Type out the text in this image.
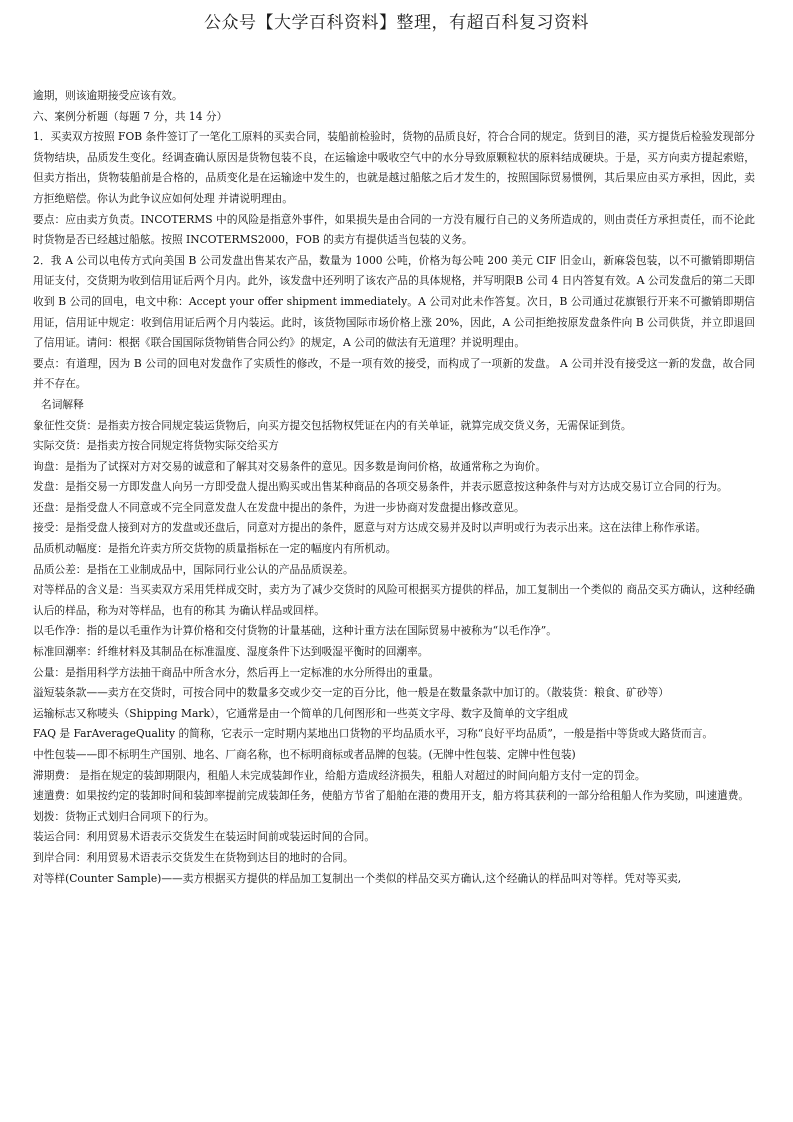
公众号【大学百科资料】整理，有超百科复习资料

逾期，则该逾期接受应该有效。

六、案例分析题（每题 7 分，共 14 分）

1．买卖双方按照 FOB 条件签订了一笔化工原料的买卖合同，装船前检验时，货物的品质良好，符合合同的规定。货到目的港，买方提货后检验发现部分货物结块，品质发生变化。经调查确认原因是货物包装不良，在运输途中吸收空气中的水分导致原颗粒状的原料结成硬块。于是，买方向卖方提起索赔，但卖方指出，货物装船前是合格的，品质变化是在运输途中发生的，也就是越过船舷之后才发生的，按照国际贸易惯例，其后果应由买方承担，因此，卖方拒绝赔偿。你认为此争议应如何处理 并请说明理由。

要点：应由卖方负责。INCOTERMS 中的风险是指意外事件，如果损失是由合同的一方没有履行自己的义务所造成的，则由责任方承担责任，而不论此时货物是否已经越过船舷。按照 INCOTERMS2000，FOB 的卖方有提供适当包装的义务。

2．我 A 公司以电传方式向美国 B 公司发盘出售某农产品，数量为 1000 公吨，价格为每公吨 200 美元 CIF 旧金山，新麻袋包装，以不可撤销即期信用证支付，交货期为收到信用证后两个月内。此外，该发盘中还列明了该农产品的具体规格，并写明限B 公司 4 日内答复有效。A 公司发盘后的第二天即收到 B 公司的回电，电文中称：Accept your offer shipment immediately。A 公司对此未作答复。次日，B 公司通过花旗银行开来不可撤销即期信用证，信用证中规定：收到信用证后两个月内装运。此时，该货物国际市场价格上涨 20%，因此，A 公司拒绝按原发盘条件向 B 公司供货，并立即退回了信用证。请问：根据《联合国国际货物销售合同公约》的规定，A 公司的做法有无道理？并说明理由。

要点：有道理，因为 B 公司的回电对发盘作了实质性的修改，不是一项有效的接受，而构成了一项新的发盘。 A 公司并没有接受这一新的发盘，故合同并不存在。

名词解释

象征性交货：是指卖方按合同规定装运货物后，向买方提交包括物权凭证在内的有关单证，就算完成交货义务，无需保证到货。

实际交货：是指卖方按合同规定将货物实际交给买方

询盘：是指为了试探对方对交易的诚意和了解其对交易条件的意见。因多数是询问价格，故通常称之为询价。

发盘：是指交易一方即发盘人向另一方即受盘人提出购买或出售某种商品的各项交易条件，并表示愿意按这种条件与对方达成交易订立合同的行为。

还盘：是指受盘人不同意或不完全同意发盘人在发盘中提出的条件，为进一步协商对发盘提出修改意见。

接受：是指受盘人接到对方的发盘或还盘后，同意对方提出的条件，愿意与对方达成交易并及时以声明或行为表示出来。这在法律上称作承诺。

品质机动幅度：是指允许卖方所交货物的质量指标在一定的幅度内有所机动。

品质公差：是指在工业制成品中，国际同行业公认的产品品质误差。

对等样品的含义是：当买卖双方采用凭样成交时，卖方为了减少交货时的风险可根据买方提供的样品，加工复制出一个类似的 商品交买方确认，这种经确认后的样品，称为对等样品，也有的称其 为确认样品或回样。

以毛作净：指的是以毛重作为计算价格和交付货物的计量基础，这种计重方法在国际贸易中被称为“以毛作净”。

标准回潮率：纤维材料及其制品在标准温度、湿度条件下达到吸湿平衡时的回潮率。

公量：是指用科学方法抽干商品中所含水分，然后再上一定标准的水分所得出的重量。

溢短装条款——卖方在交货时，可按合同中的数量多交或少交一定的百分比，他一般是在数量条款中加订的。（散装货：粮食、矿砂等）

运输标志又称唛头（Shipping Mark），它通常是由一个简单的几何图形和一些英文字母、数字及简单的文字组成

FAQ 是 FarAverageQuality 的简称，它表示一定时期内某地出口货物的平均品质水平，习称“良好平均品质”，一般是指中等货或大路货而言。

中性包装——即不标明生产国别、地名、厂商名称，也不标明商标或者品牌的包装。(无牌中性包装、定牌中性包装)

滞期费： 是指在规定的装卸期限内，租船人未完成装卸作业，给船方造成经济损失，租船人对超过的时间向船方支付一定的罚金。

速遣费：如果按约定的装卸时间和装卸率提前完成装卸任务，使船方节省了船舶在港的费用开支，船方将其获利的一部分给租船人作为奖励，叫速遣费。

划拨：货物正式划归合同项下的行为。

装运合同：利用贸易术语表示交货发生在装运时间前或装运时间的合同。

到岸合同：利用贸易术语表示交货发生在货物到达目的地时的合同。

对等样(Counter Sample)——卖方根据买方提供的样品加工复制出一个类似的样品交买方确认,这个经确认的样品叫对等样。凭对等买卖,
